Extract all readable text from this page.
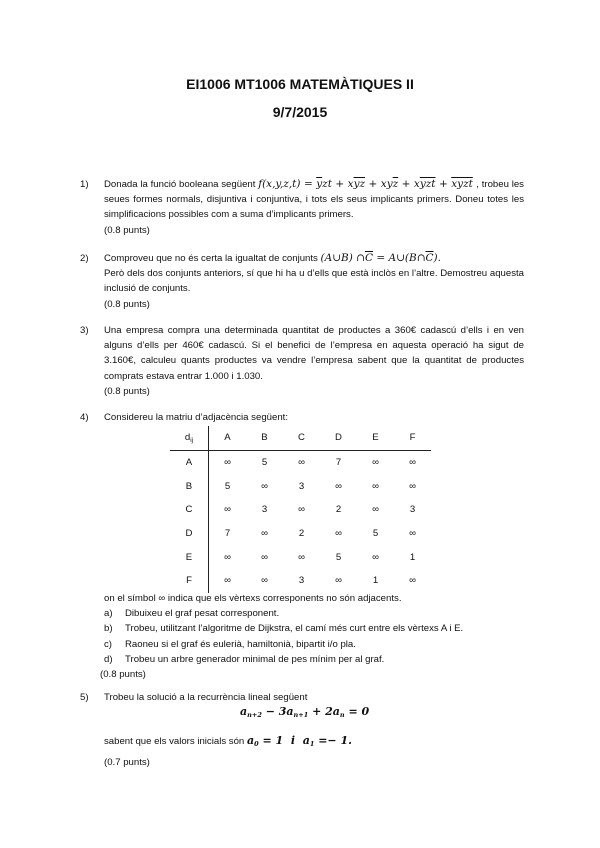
EI1006 MT1006 MATEMÀTIQUES II
9/7/2015
1) Donada la funció booleana següent $f(x,y,z,t) = \overline{y}zt + x\overline{y}\overline{z} + xy\overline{z} + x\overline{yzt}$ + xyzt , trobeu les seues formes normals, disjuntiva i conjuntiva, i tots els seus implicants primers. Doneu totes les simplificacions possibles com a suma d’implicants primers.
(0.8 punts)
2) Comproveu que no és certa la igualtat de conjunts (A∪B) $\cap\overline{C}$ = $A\cup(B\cap\overline{C})$.
Però dels dos conjunts anteriors, sí que hi ha u d’ells que està inclòs en l’altre. Demostreu aquesta inclusió de conjunts.
(0.8 punts)
3) Una empresa compra una determinada quantitat de productes a 360€ cadascú d’ells i en ven alguns d’ells per 460€ cadascú. Si el benefici de l’empresa en aquesta operació ha sigut de 3.160€, calculeu quants productes va vendre l’empresa sabent que la quantitat de productes comprats estava entrar 1.000 i 1.030.
(0.8 punts)
4) Considereu la matriu d’adjacència següent:
$d_{ij}$	A	B	C	D	E	F
A	∞	5	∞	7	∞	∞
B	5	∞	3	∞	∞	∞
C	∞	3	∞	2	∞	3
D	7	∞	2	∞	5	∞
E	∞	∞	∞	5	∞	1
F	∞	∞	3	∞	1	∞
on el símbol ∞ indica que els vèrtexs corresponents no són adjacents.
a)	Dibuixeu el graf pesat corresponent.
b)	Trobeu, utilitzant l’algoritme de Dijkstra, el camí més curt entre els vèrtexs A i E.
c)	Raoneu si el graf és eulerià, hamiltonià, bipartit i/o pla.
d)	Trobeu un arbre generador minimal de pes mínim per al graf.
(0.8 punts)
5) Trobeu la solució a la recurrència lineal següent
$a_{n+2} - 3a_{n+1} + 2a_n = 0$
sabent que els valors inicials són $a_0 = 1$ i $a_1 =- 1$.
(0.7 punts)
